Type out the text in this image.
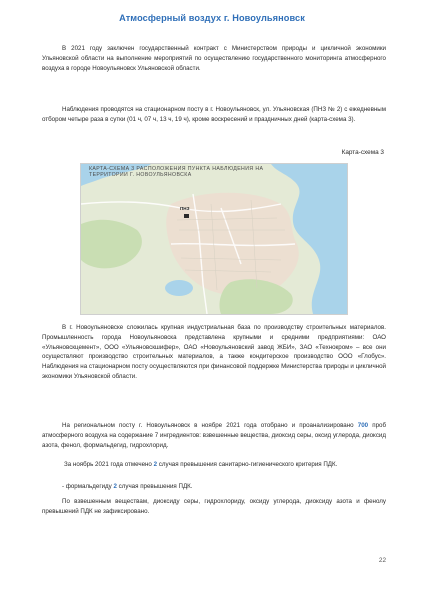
Атмосферный воздух г. Новоульяновск
В 2021 году заключен государственный контракт с Министерством природы и цикличной экономики Ульяновской области на выполнение мероприятий по осуществлению государственного мониторинга атмосферного воздуха в городе Новоульяновск Ульяновской области.
Наблюдения проводятся на стационарном посту в г. Новоульяновск, ул. Ульяновская (ПНЗ № 2) с ежедневным отбором четыре раза в сутки (01 ч, 07 ч, 13 ч, 19 ч), кроме воскресений и праздничных дней (карта-схема 3).
Карта-схема 3
КАРТА-СХЕМА 3 РАСПОЛОЖЕНИЯ ПУНКТА НАБЛЮДЕНИЯ НА ТЕРРИТОРИИ Г. НОВОУЛЬЯНОВСКА
ПНЗ
В г. Новоульяновске сложилась крупная индустриальная база по производству строительных материалов. Промышленность города Новоульяновска представлена крупными и средними предприятиями: ОАО «Ульяновскцемент», ООО «Ульяновскшифер», ОАО «Новоульяновский завод ЖБИ», ЗАО «Технокром» – все они осуществляют производство строительных материалов, а также кондитерское производство ООО «Глобус». Наблюдения на стационарном посту осуществляются при финансовой поддержке Министерства природы и цикличной экономики Ульяновской области.
На региональном посту г. Новоульяновск в ноябре 2021 года отобрано и проанализировано 700 проб атмосферного воздуха на содержание 7 ингредиентов: взвешенные вещества, диоксид серы, оксид углерода, диоксид азота, фенол, формальдегид, гидрохлорид.
За ноябрь 2021 года отмечено 2 случая превышения санитарно-гигиенического критерия ПДК.
- формальдегиду 2 случая превышения ПДК.
По взвешенным веществам, диоксиду серы, гидрохлориду, оксиду углерода, диоксиду азота и фенолу превышений ПДК не зафиксировано.
22
